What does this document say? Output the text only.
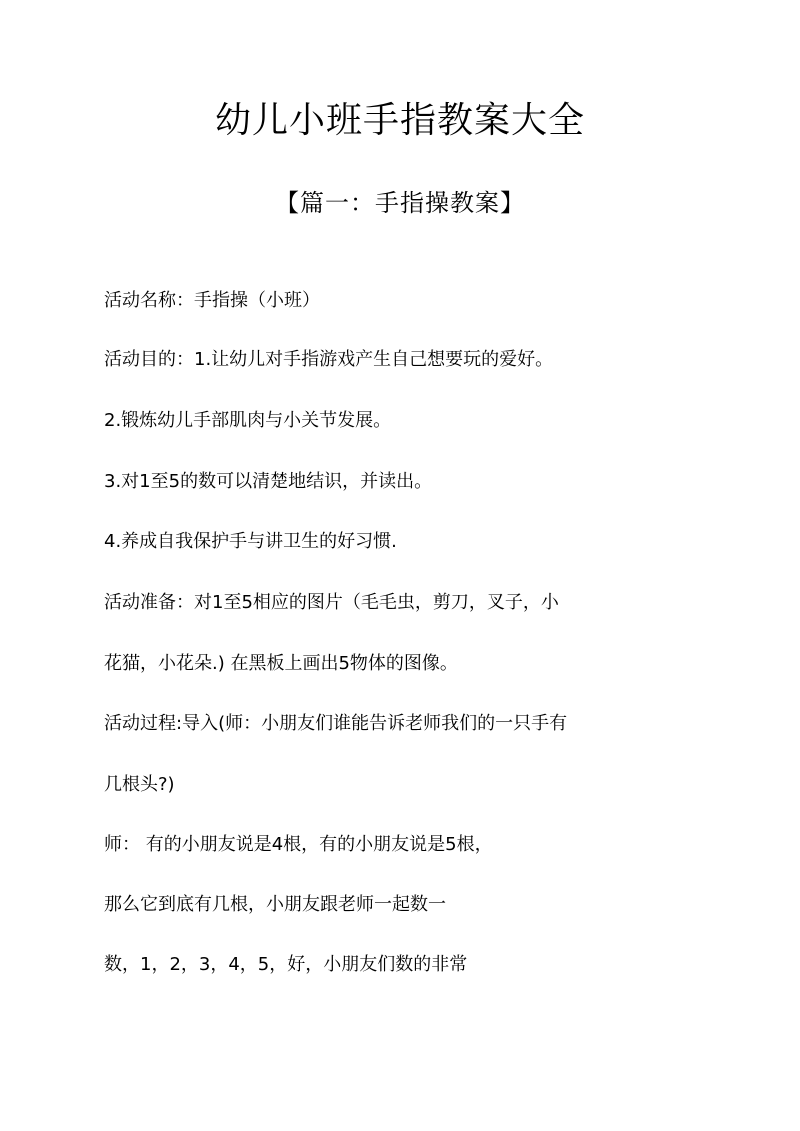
幼儿小班手指教案大全
【篇一：手指操教案】
活动名称：手指操（小班）
活动目的：1.让幼儿对手指游戏产生自己想要玩的爱好。
2.锻炼幼儿手部肌肉与小关节发展。
3.对1至5的数可以清楚地结识，并读出。
4.养成自我保护手与讲卫生的好习惯.
活动准备：对1至5相应的图片（毛毛虫，剪刀，叉子，小
花猫，小花朵.) 在黑板上画出5物体的图像。
活动过程:导入(师：小朋友们谁能告诉老师我们的一只手有
几根头?)
师： 有的小朋友说是4根，有的小朋友说是5根，
那么它到底有几根，小朋友跟老师一起数一
数，1，2，3，4，5，好，小朋友们数的非常
